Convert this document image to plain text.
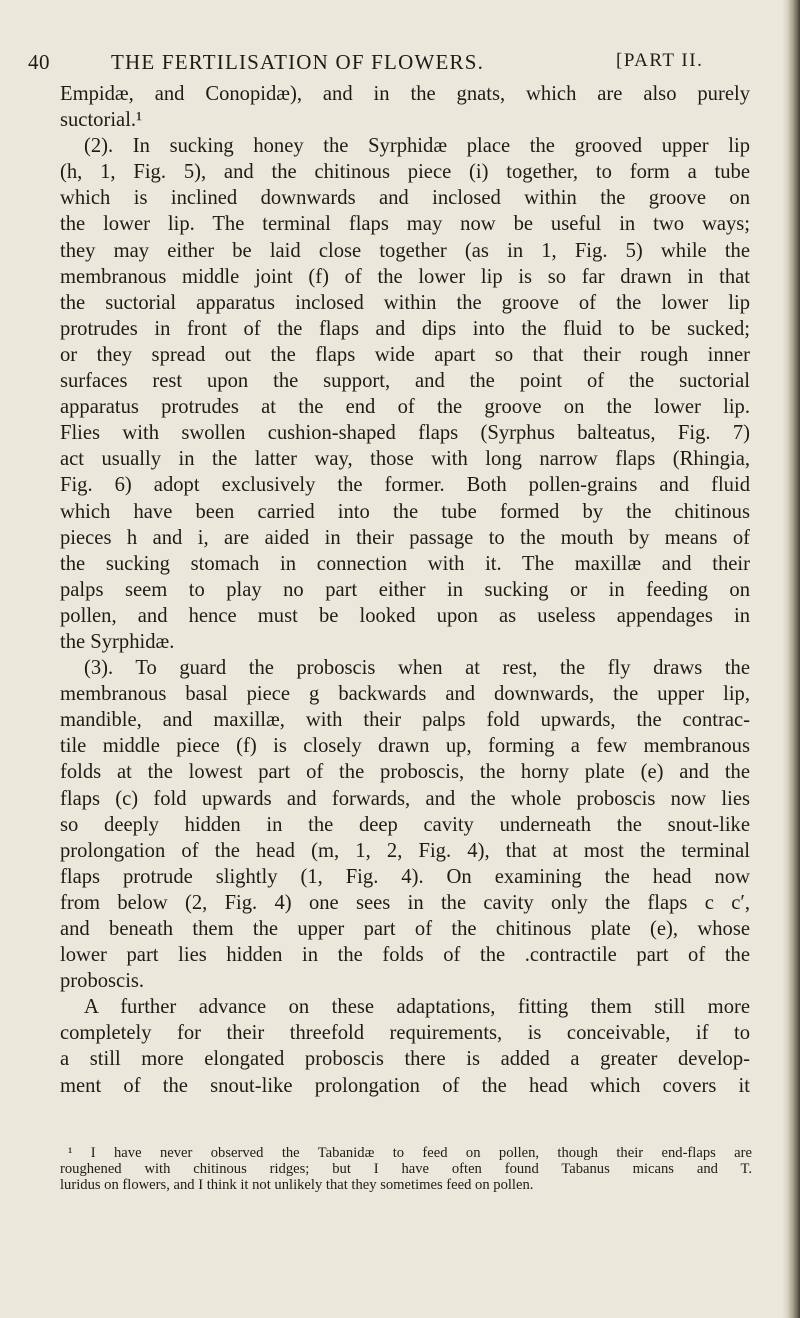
40	THE FERTILISATION OF FLOWERS.	[PART II.
Empidæ, and Conopidæ), and in the gnats, which are also purely
suctorial.¹
(2). In sucking honey the Syrphidæ place the grooved upper lip
(h, 1, Fig. 5), and the chitinous piece (i) together, to form a tube
which is inclined downwards and inclosed within the groove on
the lower lip. The terminal flaps may now be useful in two ways;
they may either be laid close together (as in 1, Fig. 5) while the
membranous middle joint (f) of the lower lip is so far drawn in that
the suctorial apparatus inclosed within the groove of the lower lip
protrudes in front of the flaps and dips into the fluid to be sucked;
or they spread out the flaps wide apart so that their rough inner
surfaces rest upon the support, and the point of the suctorial
apparatus protrudes at the end of the groove on the lower lip.
Flies with swollen cushion-shaped flaps (Syrphus balteatus, Fig. 7)
act usually in the latter way, those with long narrow flaps (Rhingia,
Fig. 6) adopt exclusively the former. Both pollen-grains and fluid
which have been carried into the tube formed by the chitinous
pieces h and i, are aided in their passage to the mouth by means of
the sucking stomach in connection with it. The maxillæ and their
palps seem to play no part either in sucking or in feeding on
pollen, and hence must be looked upon as useless appendages in
the Syrphidæ.
(3). To guard the proboscis when at rest, the fly draws the
membranous basal piece g backwards and downwards, the upper lip,
mandible, and maxillæ, with their palps fold upwards, the contrac-
tile middle piece (f) is closely drawn up, forming a few membranous
folds at the lowest part of the proboscis, the horny plate (e) and the
flaps (c) fold upwards and forwards, and the whole proboscis now lies
so deeply hidden in the deep cavity underneath the snout-like
prolongation of the head (m, 1, 2, Fig. 4), that at most the terminal
flaps protrude slightly (1, Fig. 4). On examining the head now
from below (2, Fig. 4) one sees in the cavity only the flaps c c′,
and beneath them the upper part of the chitinous plate (e), whose
lower part lies hidden in the folds of the .contractile part of the
proboscis.
A further advance on these adaptations, fitting them still more
completely for their threefold requirements, is conceivable, if to
a still more elongated proboscis there is added a greater develop-
ment of the snout-like prolongation of the head which covers it
¹ I have never observed the Tabanidæ to feed on pollen, though their end-flaps are
roughened with chitinous ridges; but I have often found Tabanus micans and T.
luridus on flowers, and I think it not unlikely that they sometimes feed on pollen.
